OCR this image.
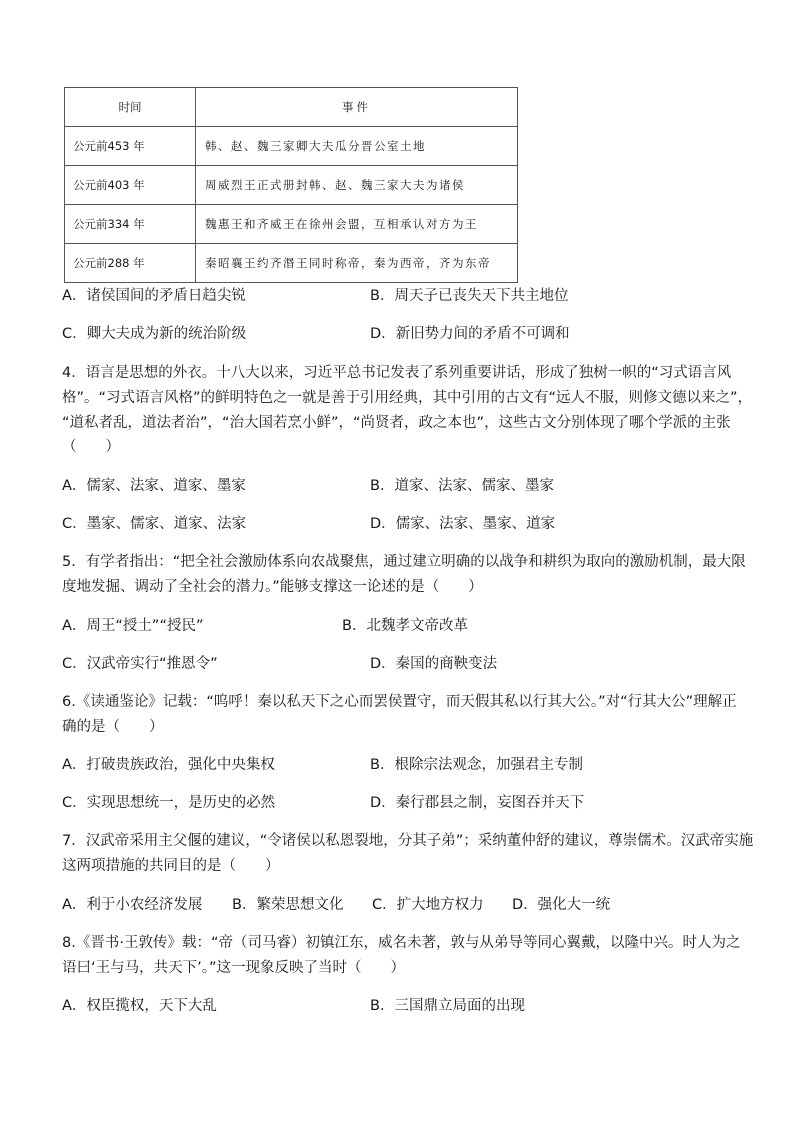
时间	事件
公元前453 年	韩、赵、魏三家卿大夫瓜分晋公室土地
公元前403 年	周威烈王正式册封韩、赵、魏三家大夫为诸侯
公元前334 年	魏惠王和齐威王在徐州会盟，互相承认对方为王
公元前288 年	秦昭襄王约齐湣王同时称帝，秦为西帝，齐为东帝
A．诸侯国间的矛盾日趋尖锐	B．周天子已丧失天下共主地位
C．卿大夫成为新的统治阶级	D．新旧势力间的矛盾不可调和
4．语言是思想的外衣。十八大以来，习近平总书记发表了系列重要讲话，形成了独树一帜的“习式语言风
格”。“习式语言风格”的鲜明特色之一就是善于引用经典，其中引用的古文有“远人不服，则修文德以来之”，
“道私者乱，道法者治”，“治大国若烹小鲜”，“尚贤者，政之本也”，这些古文分别体现了哪个学派的主张
（　　）
A．儒家、法家、道家、墨家	B．道家、法家、儒家、墨家
C．墨家、儒家、道家、法家	D．儒家、法家、墨家、道家
5．有学者指出：“把全社会激励体系向农战聚焦，通过建立明确的以战争和耕织为取向的激励机制，最大限
度地发掘、调动了全社会的潜力。”能够支撑这一论述的是（　　）
A．周王“授土”“授民”	B．北魏孝文帝改革
C．汉武帝实行“推恩令”	D．秦国的商鞅变法
6.《读通鉴论》记载：“呜呼！秦以私天下之心而罢侯置守，而天假其私以行其大公。”对“行其大公”理解正
确的是（　　）
A．打破贵族政治，强化中央集权	B．根除宗法观念，加强君主专制
C．实现思想统一，是历史的必然	D．秦行郡县之制，妄图吞并天下
7．汉武帝采用主父偃的建议，“令诸侯以私恩裂地，分其子弟”；采纳董仲舒的建议，尊崇儒术。汉武帝实施
这两项措施的共同目的是（　　）
A．利于小农经济发展 B．繁荣思想文化 C．扩大地方权力 D．强化大一统
8.《晋书·王敦传》载：“帝（司马睿）初镇江东，威名未著，敦与从弟导等同心翼戴，以隆中兴。时人为之
语曰‘王与马，共天下’。”这一现象反映了当时（　　）
A．权臣揽权，天下大乱	B．三国鼎立局面的出现
